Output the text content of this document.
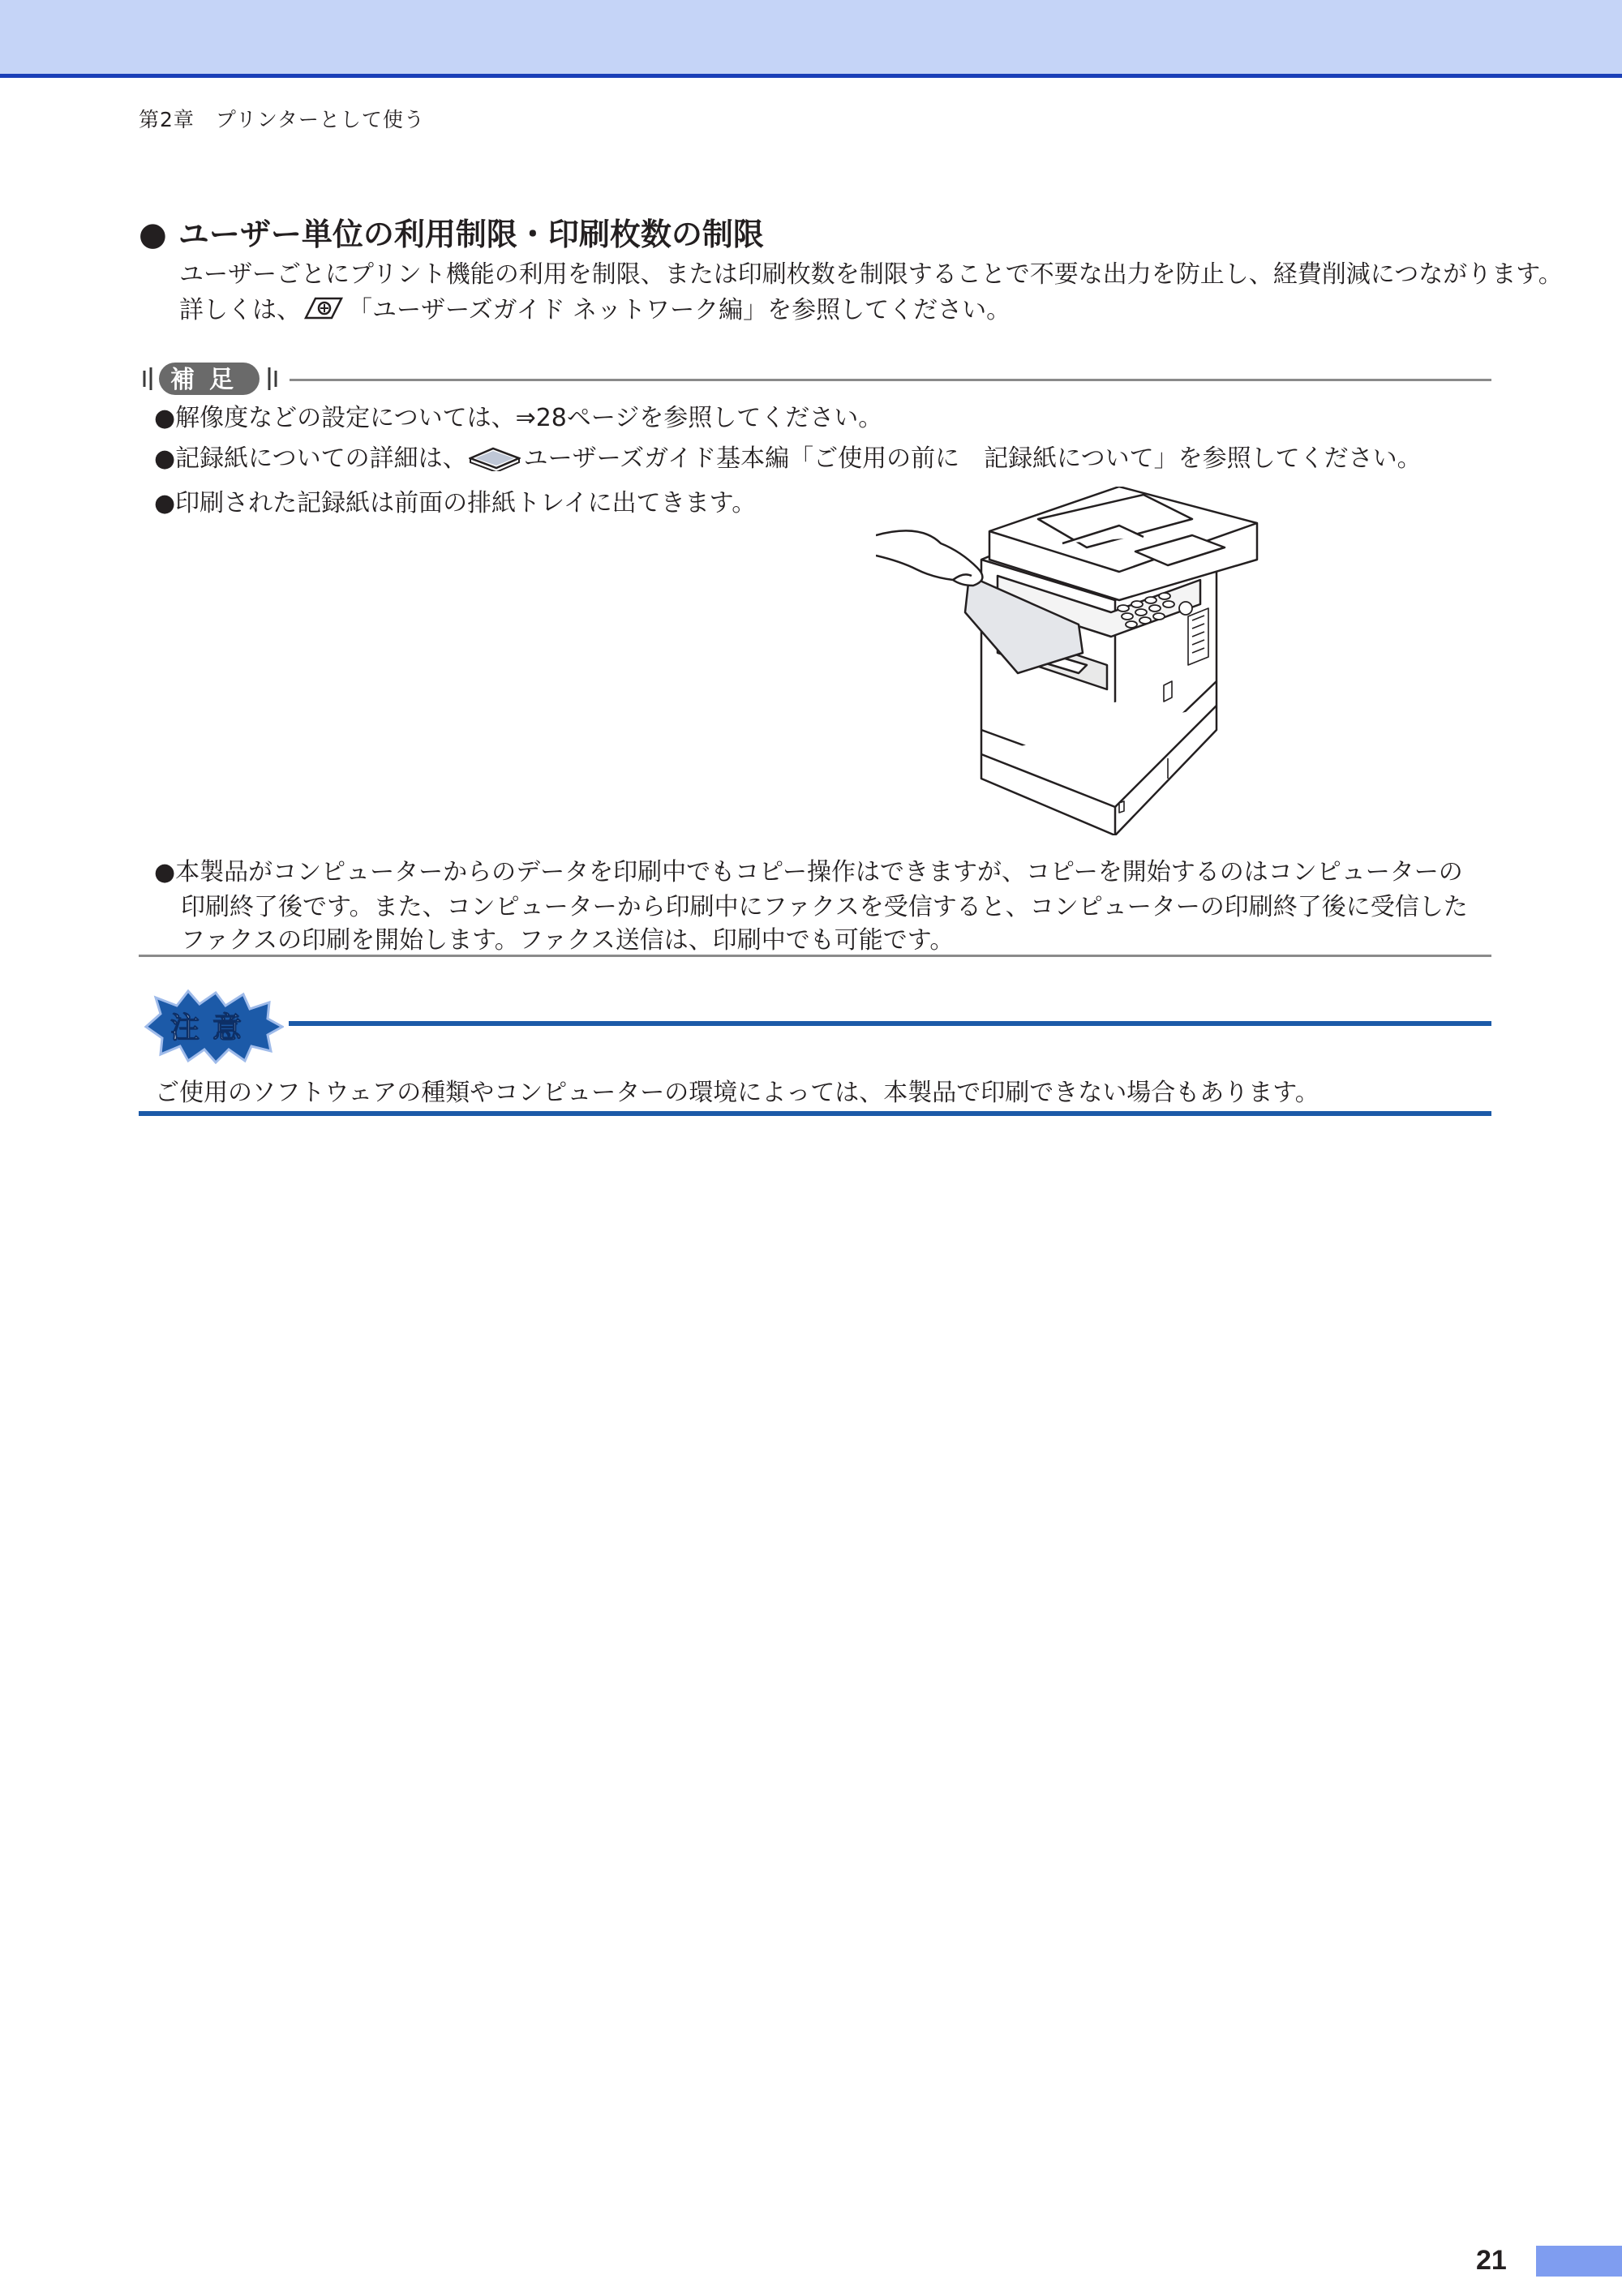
第2章　プリンターとして使う
● ユーザー単位の利用制限・印刷枚数の制限
ユーザーごとにプリント機能の利用を制限、または印刷枚数を制限することで不要な出力を防止し、経費削減につながります。
詳しくは、 「ユーザーズガイド ネットワーク編」を参照してください。
補足
●解像度などの設定については、⇒28ページを参照してください。
●記録紙についての詳細は、 ユーザーズガイド基本編「ご使用の前に　記録紙について」を参照してください。
●印刷された記録紙は前面の排紙トレイに出てきます。
●本製品がコンピューターからのデータを印刷中でもコピー操作はできますが、コピーを開始するのはコンピューターの
印刷終了後です。また、コンピューターから印刷中にファクスを受信すると、コンピューターの印刷終了後に受信した
ファクスの印刷を開始します。ファクス送信は、印刷中でも可能です。
注意
ご使用のソフトウェアの種類やコンピューターの環境によっては、本製品で印刷できない場合もあります。
21
